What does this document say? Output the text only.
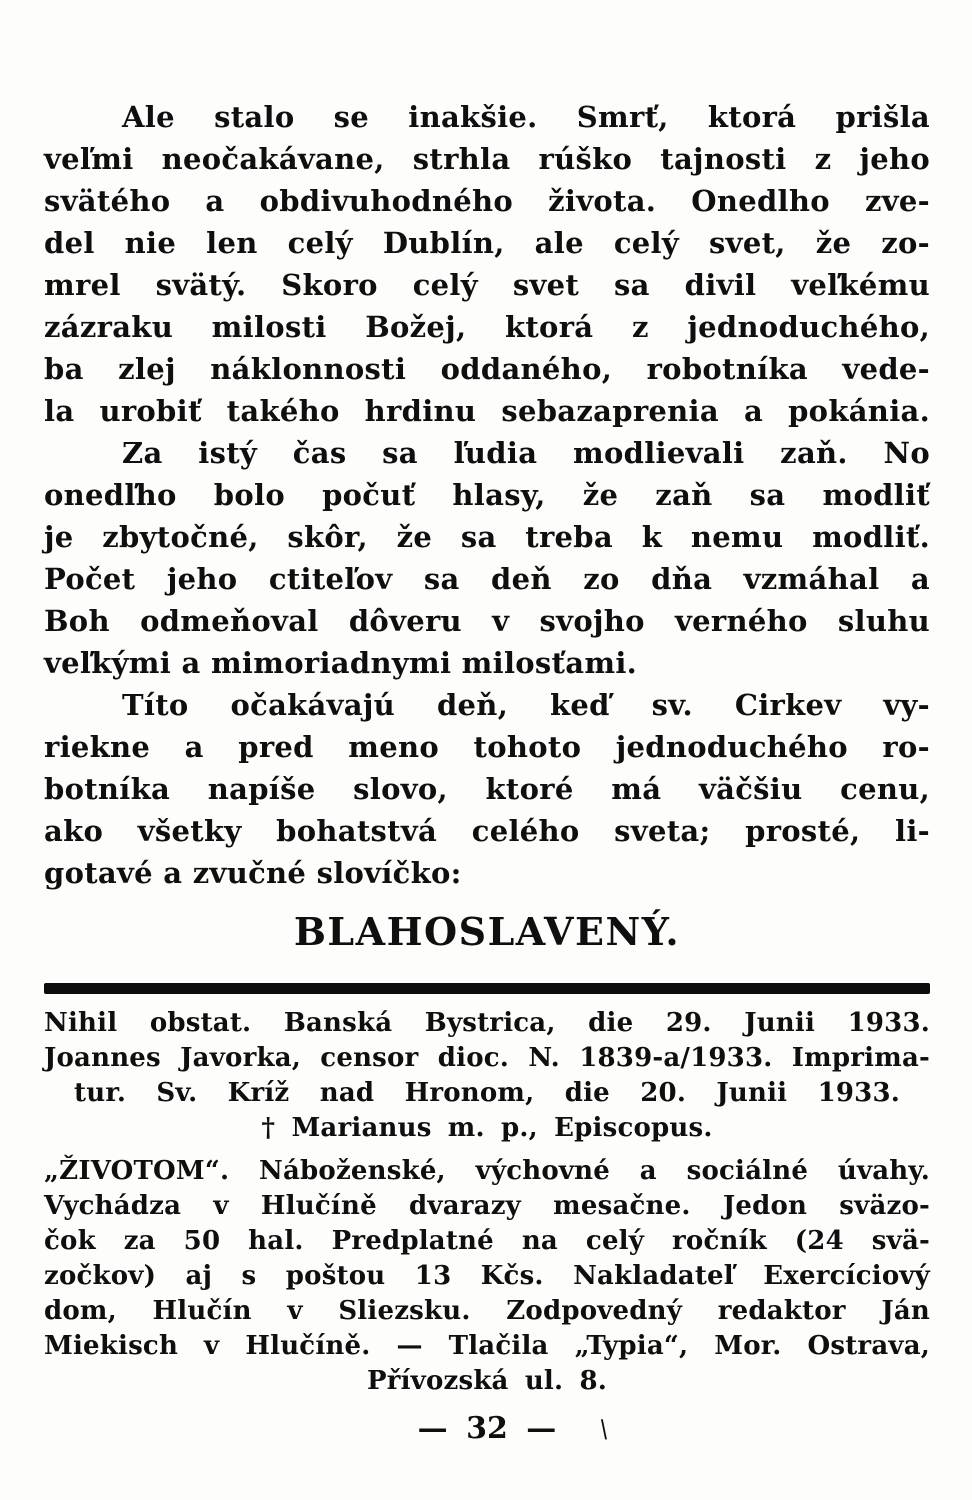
Ale stalo se inakšie. Smrť, ktorá prišla
veľmi neočakávane, strhla rúško tajnosti z jeho
svätého a obdivuhodného života. Onedlho zve-
del nie len celý Dublín, ale celý svet, že zo-
mrel svätý. Skoro celý svet sa divil veľkému
zázraku milosti Božej, ktorá z jednoduchého,
ba zlej náklonnosti oddaného, robotníka vede-
la urobiť takého hrdinu sebazaprenia a pokánia.
Za istý čas sa ľudia modlievali zaň. No
onedľho bolo počuť hlasy, že zaň sa modliť
je zbytočné, skôr, že sa treba k nemu modliť.
Počet jeho ctiteľov sa deň zo dňa vzmáhal a
Boh odmeňoval dôveru v svojho verného sluhu
veľkými a mimoriadnymi milosťami.
Títo očakávajú deň, keď sv. Cirkev vy-
riekne a pred meno tohoto jednoduchého ro-
botníka napíše slovo, ktoré má väčšiu cenu,
ako všetky bohatstvá celého sveta; prosté, li-
gotavé a zvučné slovíčko:
BLAHOSLAVENÝ.
Nihil obstat. Banská Bystrica, die 29. Junii 1933.
Joannes Javorka, censor dioc. N. 1839-a/1933. Imprima-
tur. Sv. Kríž nad Hronom, die 20. Junii 1933.
† Marianus m. p., Episcopus.
„ŽIVOTOM“. Náboženské, výchovné a sociálné úvahy.
Vychádza v Hlučíně dvarazy mesačne. Jedon sväzo-
čok za 50 hal. Predplatné na celý ročník (24 svä-
zočkov) aj s poštou 13 Kčs. Nakladateľ Exercíciový
dom, Hlučín v Sliezsku. Zodpovedný redaktor Ján
Miekisch v Hlučíně. — Tlačila „Typia“, Mor. Ostrava,
Přívozská ul. 8.
— 32 — \
